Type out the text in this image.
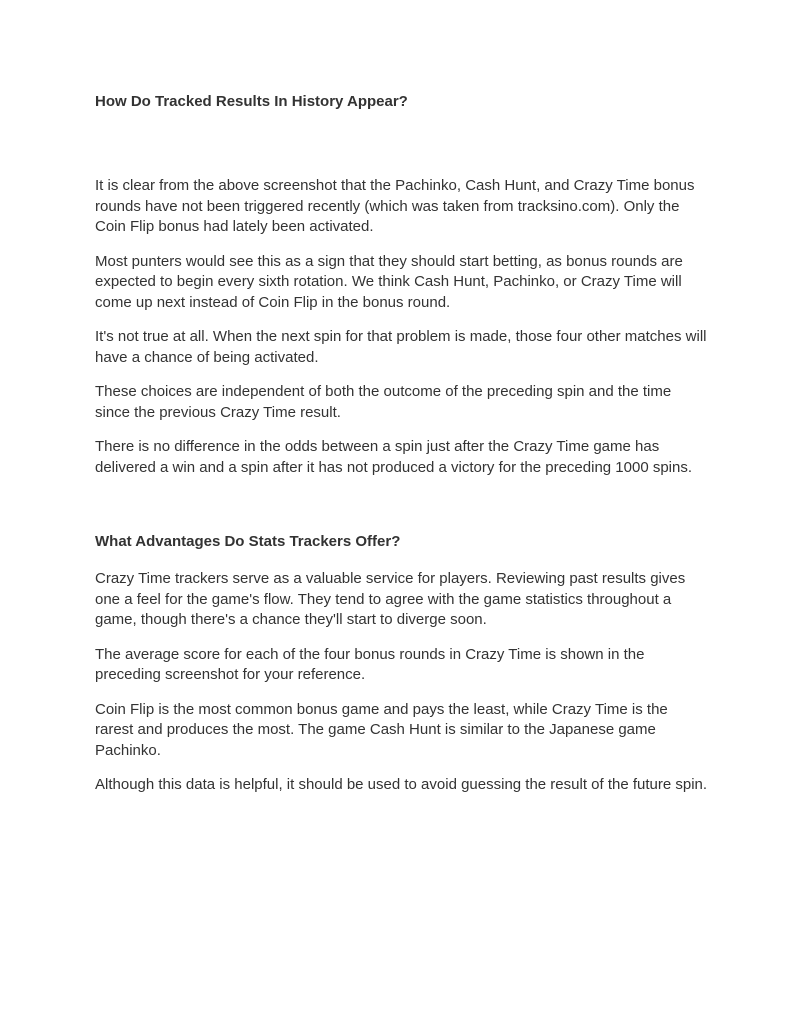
How Do Tracked Results In History Appear?

It is clear from the above screenshot that the Pachinko, Cash Hunt, and Crazy Time bonus rounds have not been triggered recently (which was taken from tracksino.com). Only the Coin Flip bonus had lately been activated.

Most punters would see this as a sign that they should start betting, as bonus rounds are expected to begin every sixth rotation. We think Cash Hunt, Pachinko, or Crazy Time will come up next instead of Coin Flip in the bonus round.

It's not true at all. When the next spin for that problem is made, those four other matches will have a chance of being activated.

These choices are independent of both the outcome of the preceding spin and the time since the previous Crazy Time result.

There is no difference in the odds between a spin just after the Crazy Time game has delivered a win and a spin after it has not produced a victory for the preceding 1000 spins.

What Advantages Do Stats Trackers Offer?

Crazy Time trackers serve as a valuable service for players. Reviewing past results gives one a feel for the game's flow. They tend to agree with the game statistics throughout a game, though there's a chance they'll start to diverge soon.

The average score for each of the four bonus rounds in Crazy Time is shown in the preceding screenshot for your reference.

Coin Flip is the most common bonus game and pays the least, while Crazy Time is the rarest and produces the most. The game Cash Hunt is similar to the Japanese game Pachinko.

Although this data is helpful, it should be used to avoid guessing the result of the future spin.
